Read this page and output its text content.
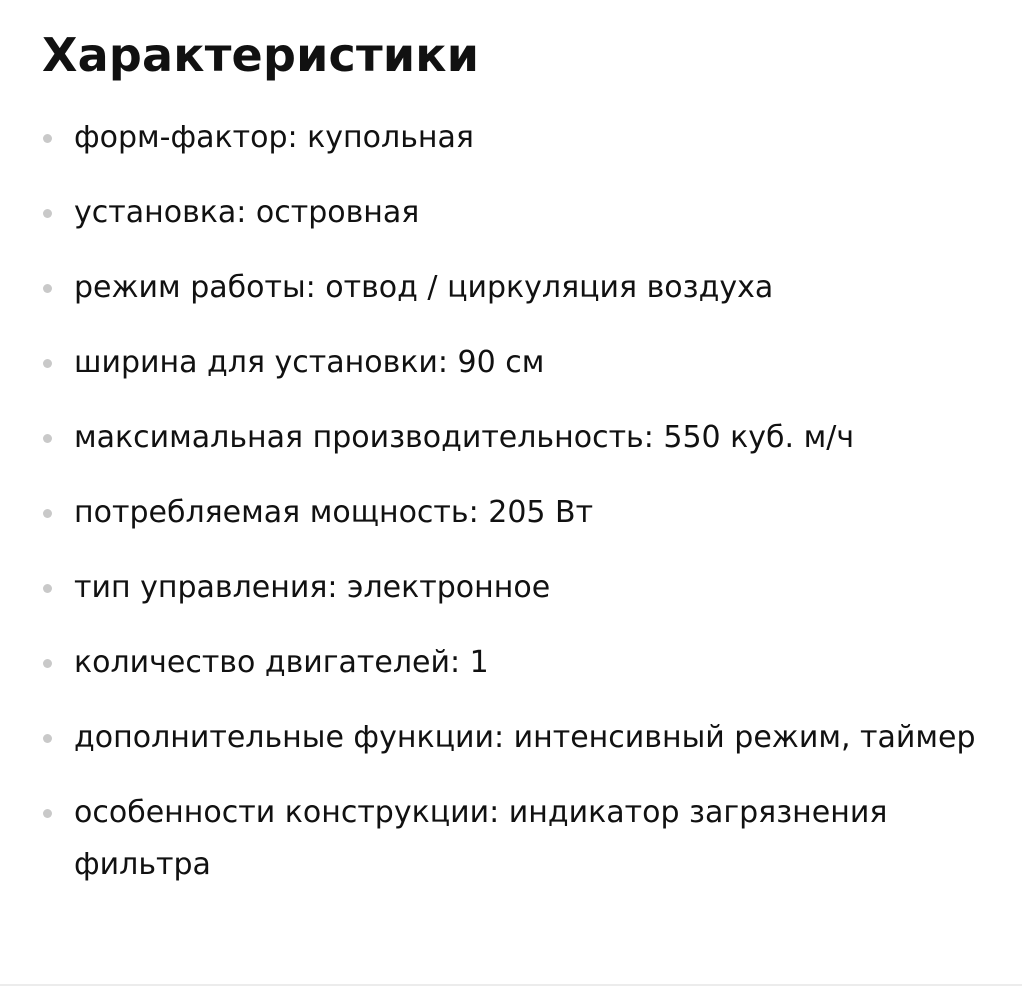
Характеристики
форм-фактор: купольная
установка: островная
режим работы: отвод / циркуляция воздуха
ширина для установки: 90 см
максимальная производительность: 550 куб. м/ч
потребляемая мощность: 205 Вт
тип управления: электронное
количество двигателей: 1
дополнительные функции: интенсивный режим, таймер
особенности конструкции: индикатор загрязнения фильтра
